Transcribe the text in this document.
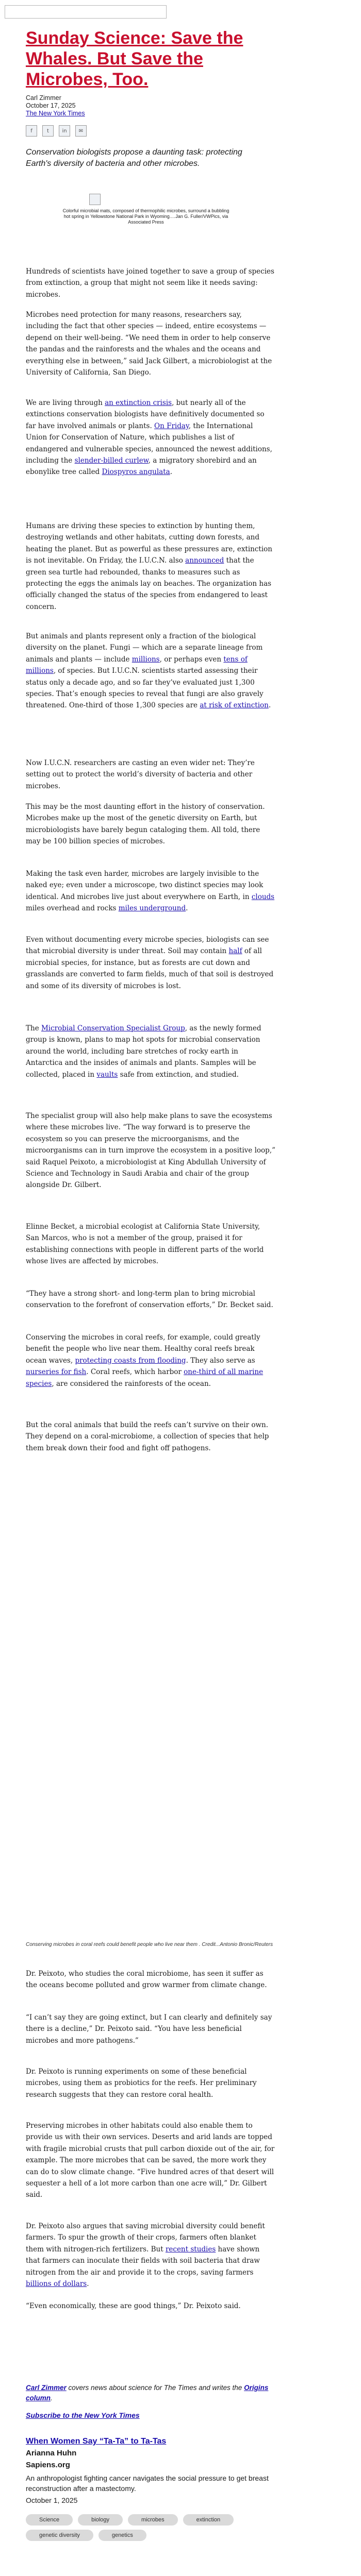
Sunday Science: Save the Whales. But Save the Microbes, Too.
Carl Zimmer
October 17, 2025
The New York Times
f	t	in	✉

Conservation biologists propose a daunting task: protecting Earth's diversity of bacteria and other microbes.

Colorful microbial mats, composed of thermophilic microbes, surround a bubbling hot spring in Yellowstone National Park in Wyoming.…Jan G. Fuller/VWPics, via Associated Press

Hundreds of scientists have joined together to save a group of species from extinction, a group that might not seem like it needs saving: microbes.

Microbes need protection for many reasons, researchers say, including the fact that other species — indeed, entire ecosystems — depend on their well-being. “We need them in order to help conserve the pandas and the rainforests and the whales and the oceans and everything else in between,” said Jack Gilbert, a microbiologist at the University of California, San Diego.

We are living through an extinction crisis, but nearly all of the extinctions conservation biologists have definitively documented so far have involved animals or plants. On Friday, the International Union for Conservation of Nature, which publishes a list of endangered and vulnerable species, announced the newest additions, including the slender-billed curlew, a migratory shorebird and an ebonylike tree called Diospyros angulata.

Humans are driving these species to extinction by hunting them, destroying wetlands and other habitats, cutting down forests, and heating the planet. But as powerful as these pressures are, extinction is not inevitable. On Friday, the I.U.C.N. also announced that the green sea turtle had rebounded, thanks to measures such as protecting the eggs the animals lay on beaches. The organization has officially changed the status of the species from endangered to least concern.

But animals and plants represent only a fraction of the biological diversity on the planet. Fungi — which are a separate lineage from animals and plants — include millions, or perhaps even tens of millions, of species. But I.U.C.N. scientists started assessing their status only a decade ago, and so far they’ve evaluated just 1,300 species. That’s enough species to reveal that fungi are also gravely threatened. One-third of those 1,300 species are at risk of extinction.

Now I.U.C.N. researchers are casting an even wider net: They’re setting out to protect the world’s diversity of bacteria and other microbes.

This may be the most daunting effort in the history of conservation. Microbes make up the most of the genetic diversity on Earth, but microbiologists have barely begun cataloging them. All told, there may be 100 billion species of microbes.

Making the task even harder, microbes are largely invisible to the naked eye; even under a microscope, two distinct species may look identical. And microbes live just about everywhere on Earth, in clouds miles overhead and rocks miles underground.

Even without documenting every microbe species, biologists can see that microbial diversity is under threat. Soil may contain half of all microbial species, for instance, but as forests are cut down and grasslands are converted to farm fields, much of that soil is destroyed and some of its diversity of microbes is lost.

The Microbial Conservation Specialist Group, as the newly formed group is known, plans to map hot spots for microbial conservation around the world, including bare stretches of rocky earth in Antarctica and the insides of animals and plants. Samples will be collected, placed in vaults safe from extinction, and studied.

The specialist group will also help make plans to save the ecosystems where these microbes live. “The way forward is to preserve the ecosystem so you can preserve the microorganisms, and the microorganisms can in turn improve the ecosystem in a positive loop,” said Raquel Peixoto, a microbiologist at King Abdullah University of Science and Technology in Saudi Arabia and chair of the group alongside Dr. Gilbert.

Elinne Becket, a microbial ecologist at California State University, San Marcos, who is not a member of the group, praised it for establishing connections with people in different parts of the world whose lives are affected by microbes.

“They have a strong short- and long-term plan to bring microbial conservation to the forefront of conservation efforts,” Dr. Becket said.

Conserving the microbes in coral reefs, for example, could greatly benefit the people who live near them. Healthy coral reefs break ocean waves, protecting coasts from flooding. They also serve as nurseries for fish. Coral reefs, which harbor one-third of all marine species, are considered the rainforests of the ocean.

But the coral animals that build the reefs can’t survive on their own. They depend on a coral-microbiome, a collection of species that help them break down their food and fight off pathogens.

Conserving microbes in coral reefs could benefit people who live near them . Credit...Antonio Bronic/Reuters

Dr. Peixoto, who studies the coral microbiome, has seen it suffer as the oceans become polluted and grow warmer from climate change.

“I can’t say they are going extinct, but I can clearly and definitely say there is a decline,” Dr. Peixoto said. “You have less beneficial microbes and more pathogens.”

Dr. Peixoto is running experiments on some of these beneficial microbes, using them as probiotics for the reefs. Her preliminary research suggests that they can restore coral health.

Preserving microbes in other habitats could also enable them to provide us with their own services. Deserts and arid lands are topped with fragile microbial crusts that pull carbon dioxide out of the air, for example. The more microbes that can be saved, the more work they can do to slow climate change. “Five hundred acres of that desert will sequester a hell of a lot more carbon than one acre will,” Dr. Gilbert said.

Dr. Peixoto also argues that saving microbial diversity could benefit farmers. To spur the growth of their crops, farmers often blanket them with nitrogen-rich fertilizers. But recent studies have shown that farmers can inoculate their fields with soil bacteria that draw nitrogen from the air and provide it to the crops, saving farmers billions of dollars.

“Even economically, these are good things,” Dr. Peixoto said.

Carl Zimmer covers news about science for The Times and writes the Origins column.

Subscribe to the New York Times

When Women Say “Ta-Ta” to Ta-Tas

Arianna Huhn
Sapiens.org

An anthropologist fighting cancer navigates the social pressure to get breast reconstruction after a mastectomy.

October 1, 2025
Science	biology	microbes	extinction
genetic diversity	genetics
